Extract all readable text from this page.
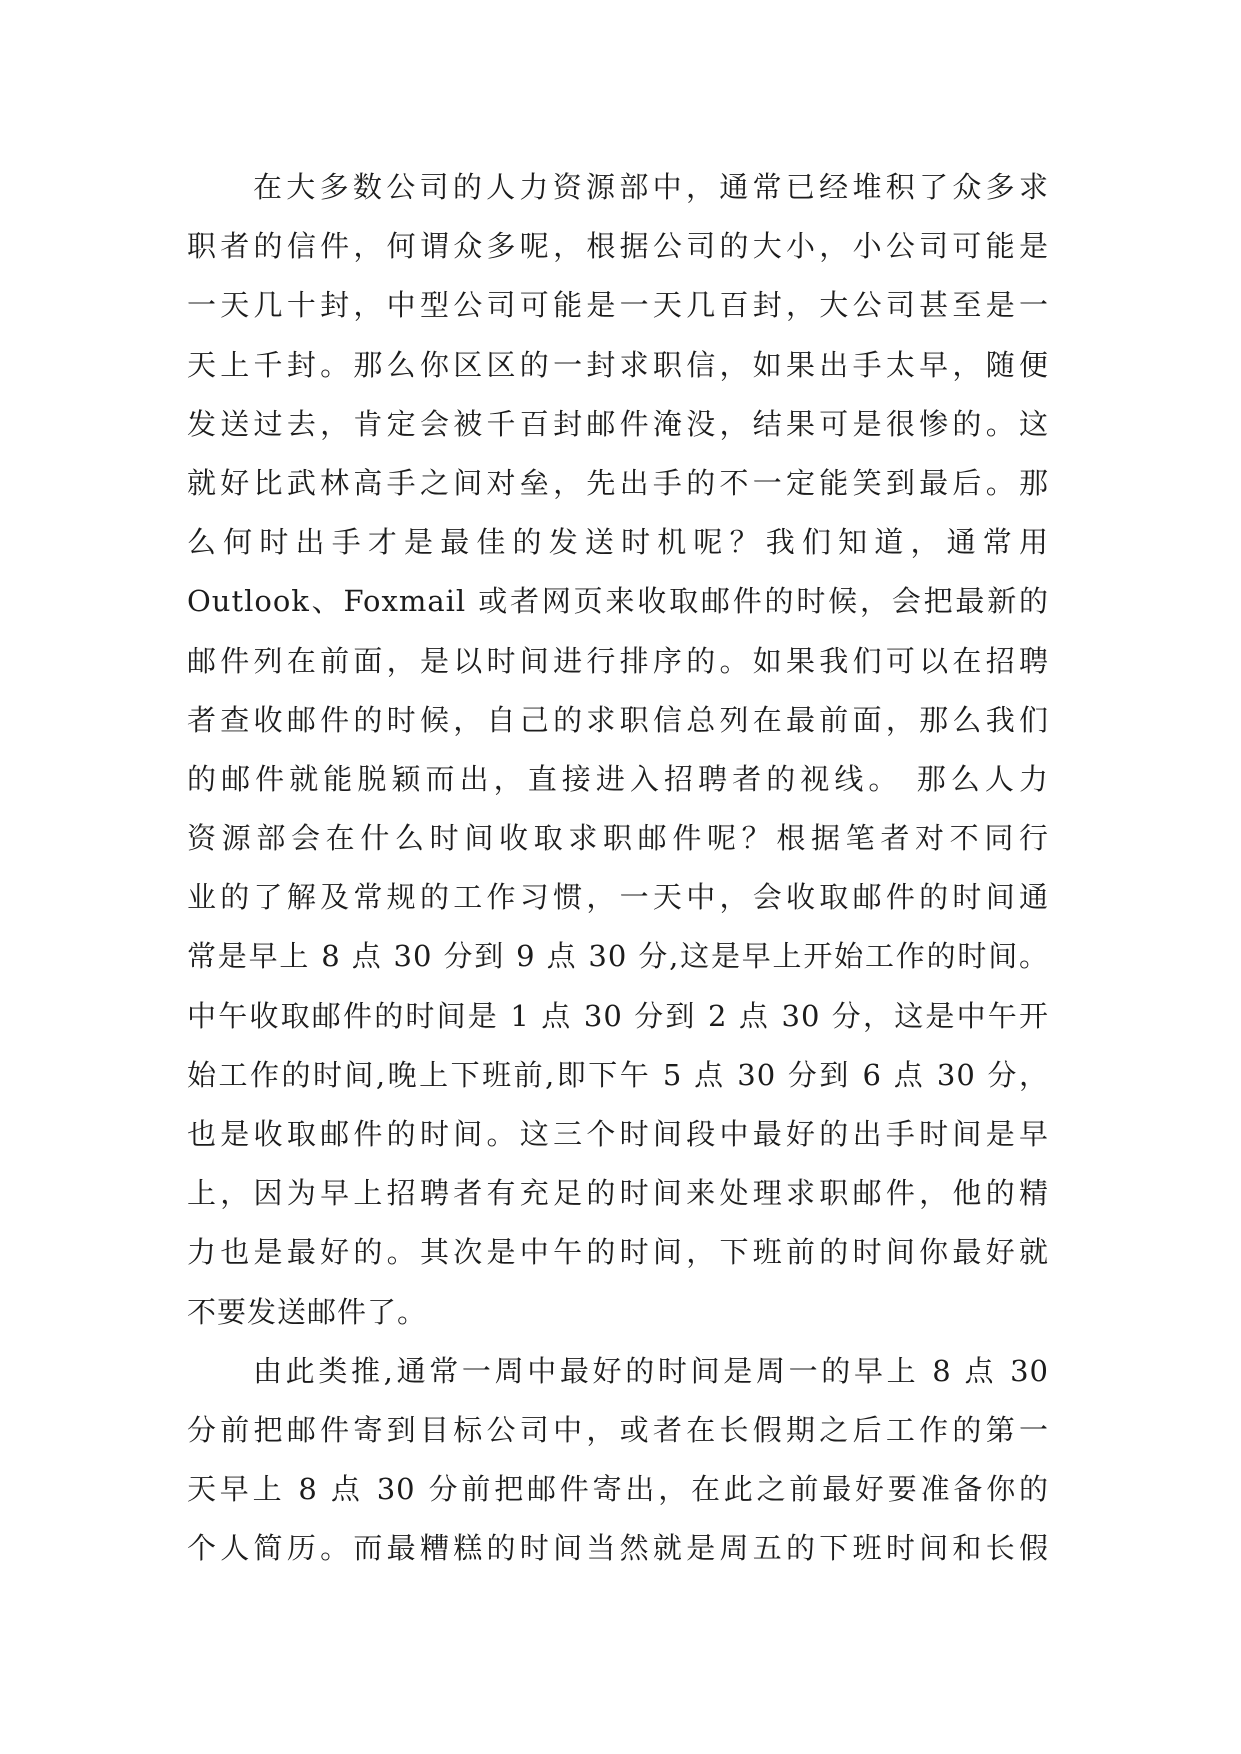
在大多数公司的人力资源部中，通常已经堆积了众多求
职者的信件，何谓众多呢，根据公司的大小，小公司可能是
一天几十封，中型公司可能是一天几百封，大公司甚至是一
天上千封。那么你区区的一封求职信，如果出手太早，随便
发送过去，肯定会被千百封邮件淹没，结果可是很惨的。这
就好比武林高手之间对垒，先出手的不一定能笑到最后。那
么何时出手才是最佳的发送时机呢？我们知道，通常用
Outlook、Foxmail 或者网页来收取邮件的时候，会把最新的
邮件列在前面，是以时间进行排序的。如果我们可以在招聘
者查收邮件的时候，自己的求职信总列在最前面，那么我们
的邮件就能脱颖而出，直接进入招聘者的视线。 那么人力
资源部会在什么时间收取求职邮件呢？根据笔者对不同行
业的了解及常规的工作习惯，一天中，会收取邮件的时间通
常是早上 8 点 30 分到 9 点 30 分,这是早上开始工作的时间。
中午收取邮件的时间是 1 点 30 分到 2 点 30 分，这是中午开
始工作的时间,晚上下班前,即下午 5 点 30 分到 6 点 30 分，
也是收取邮件的时间。这三个时间段中最好的出手时间是早
上，因为早上招聘者有充足的时间来处理求职邮件，他的精
力也是最好的。其次是中午的时间，下班前的时间你最好就
不要发送邮件了。
由此类推,通常一周中最好的时间是周一的早上 8 点 30
分前把邮件寄到目标公司中，或者在长假期之后工作的第一
天早上 8 点 30 分前把邮件寄出，在此之前最好要准备你的
个人简历。而最糟糕的时间当然就是周五的下班时间和长假
